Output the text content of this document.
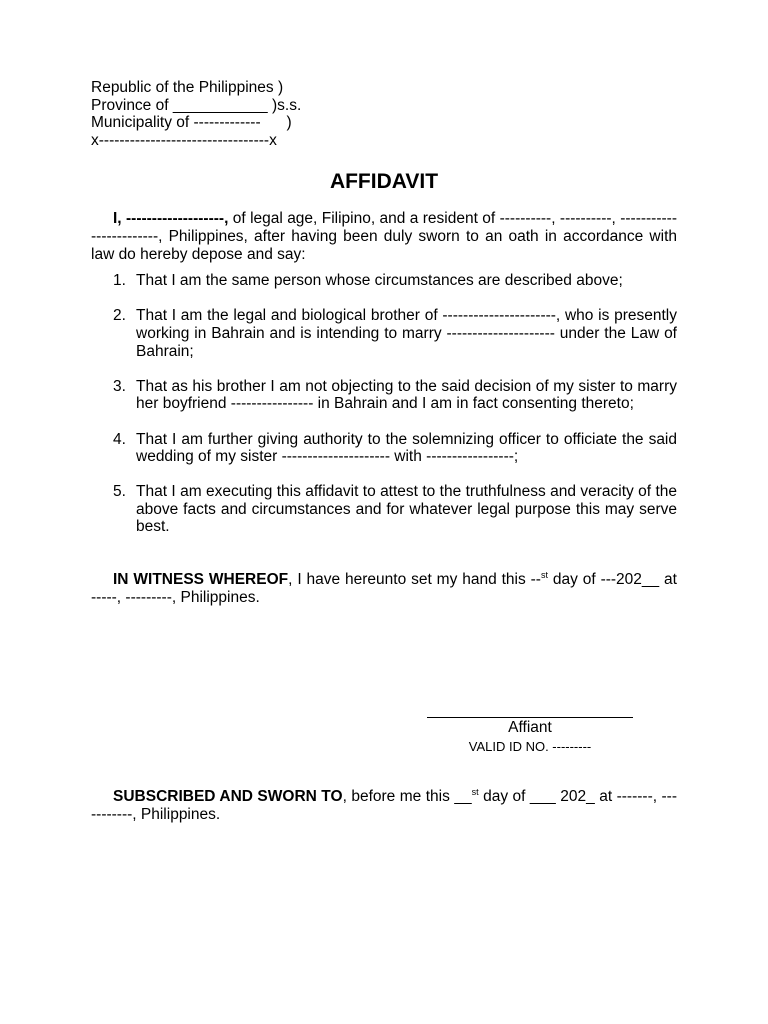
Republic of the Philippines )
Province of ___________ )s.s.
Municipality of -------------      )
x---------------------------------x
AFFIDAVIT

I, -------------------, of legal age, Filipino, and a resident of ----------, ----------, ------------------------, Philippines, after having been duly sworn to an oath in accordance with law do hereby depose and say:

1. That I am the same person whose circumstances are described above;
2. That I am the legal and biological brother of ----------------------, who is presently working in Bahrain and is intending to marry --------------------- under the Law of Bahrain;
3. That as his brother I am not objecting to the said decision of my sister to marry her boyfriend ---------------- in Bahrain and I am in fact consenting thereto;
4. That I am further giving authority to the solemnizing officer to officiate the said wedding of my sister --------------------- with -----------------;
5. That I am executing this affidavit to attest to the truthfulness and veracity of the above facts and circumstances and for whatever legal purpose this may serve best.

IN WITNESS WHEREOF, I have hereunto set my hand this --$^{st}$ day of ---202__ at -----, ---------, Philippines.

Affiant
VALID ID NO. ---------

SUBSCRIBED AND SWORN TO, before me this __$^{st}$ day of ___ 202_ at -------, -----------, Philippines.
